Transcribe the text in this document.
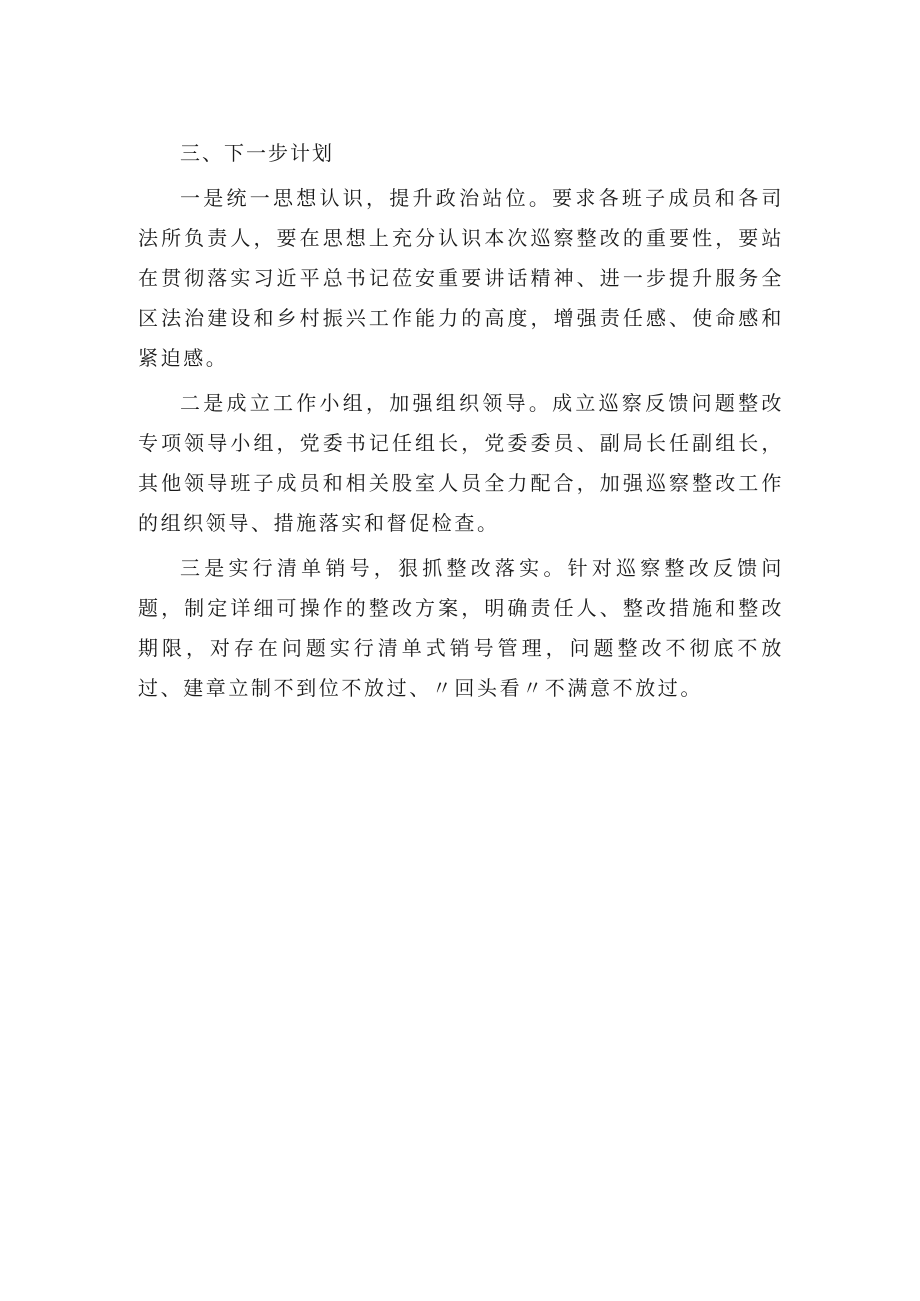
三、下一步计划

一是统一思想认识，提升政治站位。要求各班子成员和各司法所负责人，要在思想上充分认识本次巡察整改的重要性，要站在贯彻落实习近平总书记莅安重要讲话精神、进一步提升服务全区法治建设和乡村振兴工作能力的高度，增强责任感、使命感和紧迫感。

二是成立工作小组，加强组织领导。成立巡察反馈问题整改专项领导小组，党委书记任组长，党委委员、副局长任副组长，其他领导班子成员和相关股室人员全力配合，加强巡察整改工作的组织领导、措施落实和督促检查。

三是实行清单销号，狠抓整改落实。针对巡察整改反馈问题，制定详细可操作的整改方案，明确责任人、整改措施和整改期限，对存在问题实行清单式销号管理，问题整改不彻底不放过、建章立制不到位不放过、〃回头看〃不满意不放过。
